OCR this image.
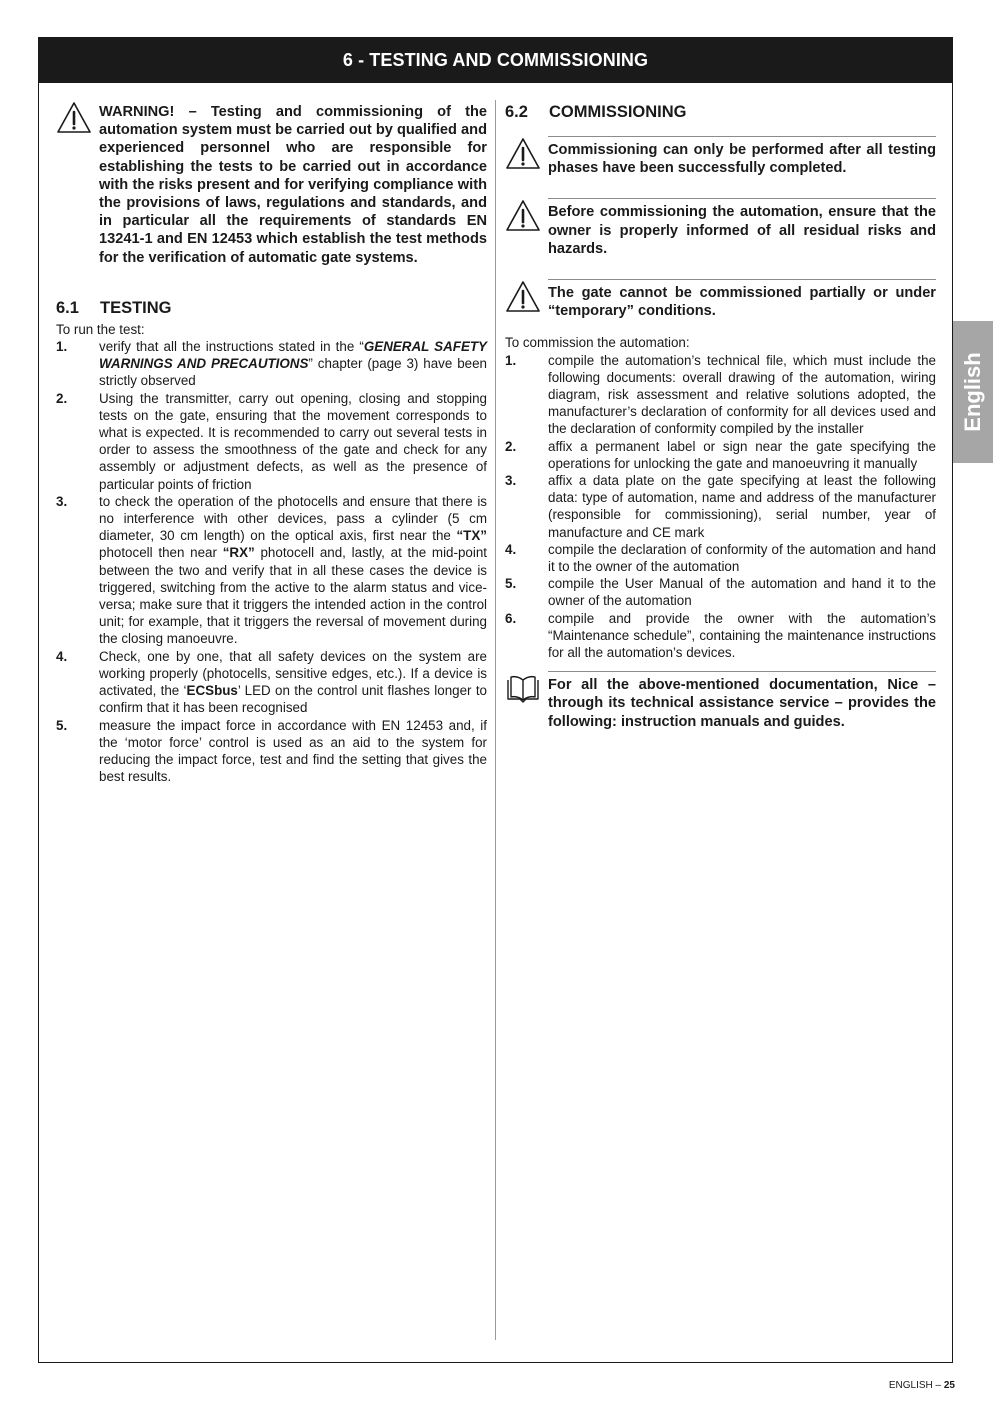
6 - TESTING AND COMMISSIONING
WARNING! – Testing and commissioning of the automation system must be carried out by qualified and experienced personnel who are responsible for establishing the tests to be carried out in accordance with the risks present and for verifying compliance with the provisions of laws, regulations and standards, and in particular all the requirements of standards EN 13241-1 and EN 12453 which establish the test methods for the verification of automatic gate systems.
6.1	TESTING

To run the test:

1.	verify that all the instructions stated in the “GENERAL SAFETY WARNINGS AND PRECAUTIONS” chapter (page 3) have been strictly observed
2.	Using the transmitter, carry out opening, closing and stopping tests on the gate, ensuring that the movement corresponds to what is expected. It is recommended to carry out several tests in order to assess the smoothness of the gate and check for any assembly or adjustment defects, as well as the presence of particular points of friction
3.	to check the operation of the photocells and ensure that there is no interference with other devices, pass a cylinder (5 cm diameter, 30 cm length) on the optical axis, first near the “TX” photocell then near “RX” photocell and, lastly, at the mid-point between the two and verify that in all these cases the device is triggered, switching from the active to the alarm status and vice-versa; make sure that it triggers the intended action in the control unit; for example, that it triggers the reversal of movement during the closing manoeuvre.
4.	Check, one by one, that all safety devices on the system are working properly (photocells, sensitive edges, etc.). If a device is activated, the ‘ECSbus’ LED on the control unit flashes longer to confirm that it has been recognised
5.	measure the impact force in accordance with EN 12453 and, if the ‘motor force’ control is used as an aid to the system for reducing the impact force, test and find the setting that gives the best results.
6.2	COMMISSIONING
Commissioning can only be performed after all testing phases have been successfully completed.
Before commissioning the automation, ensure that the owner is properly informed of all residual risks and hazards.
The gate cannot be commissioned partially or under “temporary” conditions.

To commission the automation:

1.	compile the automation’s technical file, which must include the following documents: overall drawing of the automation, wiring diagram, risk assessment and relative solutions adopted, the manufacturer’s declaration of conformity for all devices used and the declaration of conformity compiled by the installer
2.	affix a permanent label or sign near the gate specifying the operations for unlocking the gate and manoeuvring it manually
3.	affix a data plate on the gate specifying at least the following data: type of automation, name and address of the manufacturer (responsible for commissioning), serial number, year of manufacture and CE mark
4.	compile the declaration of conformity of the automation and hand it to the owner of the automation
5.	compile the User Manual of the automation and hand it to the owner of the automation
6.	compile and provide the owner with the automation’s “Maintenance schedule”, containing the maintenance instructions for all the automation’s devices.
For all the above-mentioned documentation, Nice – through its technical assistance service – provides the following: instruction manuals and guides.
English
ENGLISH – 25
